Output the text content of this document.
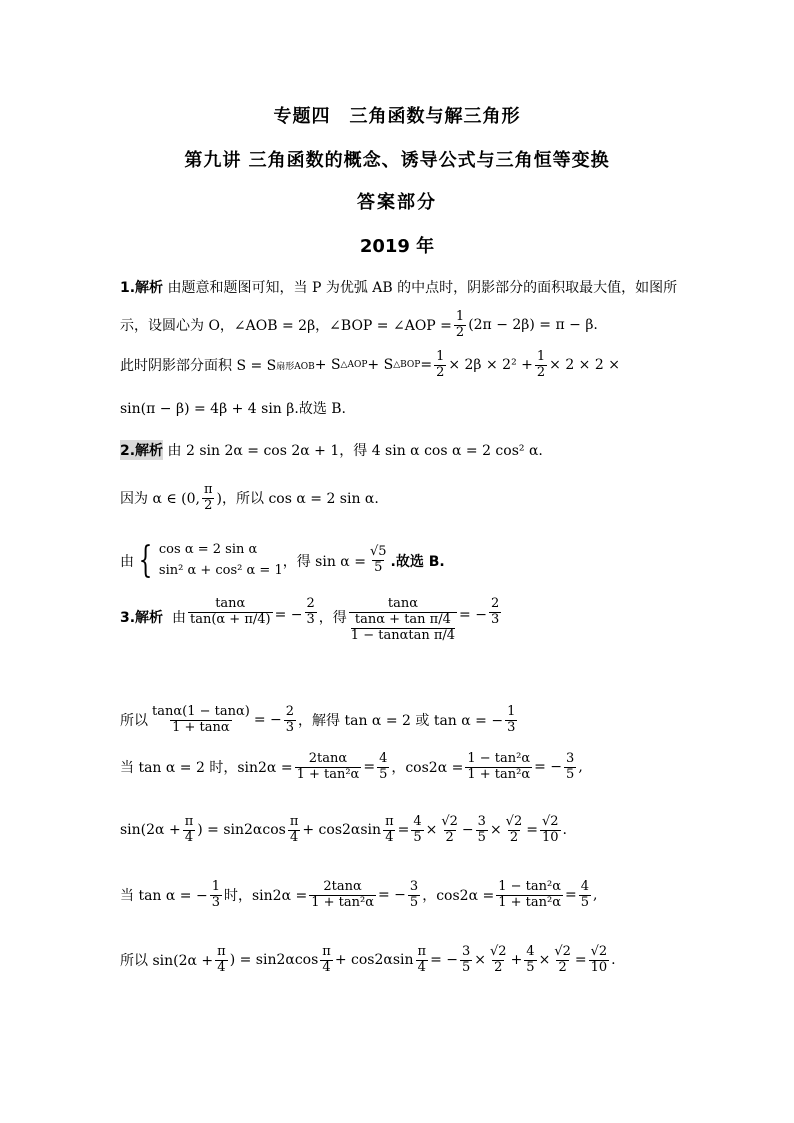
专题四　三角函数与解三角形
第九讲 三角函数的概念、诱导公式与三角恒等变换
答案部分
2019 年
1.解析
由题意和题图可知，当 P 为优弧 AB 的中点时，阴影部分的面积取最大值，如图所
示，设圆心为 O，∠AOB = 2β，∠BOP = ∠AOP = $\frac{1}{2} (2\pi - 2\beta) = \pi - \beta$.
此时阴影部分面积 S = S 扇形AOB + S △AOP + S △BOP = $\frac{1}{2} \times 2\beta \times 2^2 + \frac{1}{2} \times 2 \times 2$ ×
sin(π − β) = 4β + 4 sin β.故选 B.
2.解析
由 2 sin 2α = cos 2α + 1，得 4 sin α cos α = 2 cos² α.
因为 α ∈ (0, $\frac{\pi}{2}$ )，所以 cos α = 2 sin α.
由 { cos α = 2 sin α
sin² α + cos² α = 1
，得 $\sin \alpha = \frac{√5}{5}$ .故选 B.
3.解析
由 $\frac{\tan\alpha}{\tan(\alpha + \pi/4)}$ = − $\frac{2}{3}$ ，得 $\frac{\tan\alpha}{\frac{\text{tanα + tan π/4}}{\text{1 − tanαtan π/4}}}$ = − $\frac{2}{3}$
所以 $\frac{\tan\alpha(1 - \tan\alpha)}{1 + \tan\alpha}$ = − $\frac{2}{3}$ ，解得 tan α = 2 或 tan α = − $\frac{1}{3}$
当 tan α = 2 时，$\sin 2\alpha = \frac{2\tan\alpha}{\text{1 + tan²α}} = \frac{4}{5}$ ，$\cos 2\alpha = \frac{\text{1 − tan²α}}{\text{1 + tan²α}}$ = − $\frac{3}{5}$ ,
$\sin(2\alpha + \frac{\pi}{4}$ ) = $\sin 2\alpha\cos \frac{\pi}{4} + \cos 2\alpha\sin \frac{\pi}{4} = \frac{4}{5} \times \frac{√2}{2} - \frac{3}{5} \times \frac{√2}{2} = \frac{√2}{10}$ .
当 tan α = − $\frac{1}{3}$ 时，$\sin 2\alpha = \frac{2\tan\alpha}{\text{1 + tan²α}}$ = − $\frac{3}{5}$ ，$\cos 2\alpha = \frac{\text{1 − tan²α}}{\text{1 + tan²α}} = \frac{4}{5}$ ,
所以 $\sin(2\alpha + \frac{\pi}{4}$ ) = $\sin 2\alpha\cos \frac{\pi}{4} + \cos 2\alpha\sin \frac{\pi}{4}$ = − $\frac{3}{5} \times \frac{√2}{2} + \frac{4}{5} \times \frac{√2}{2} = \frac{√2}{10}$ .
